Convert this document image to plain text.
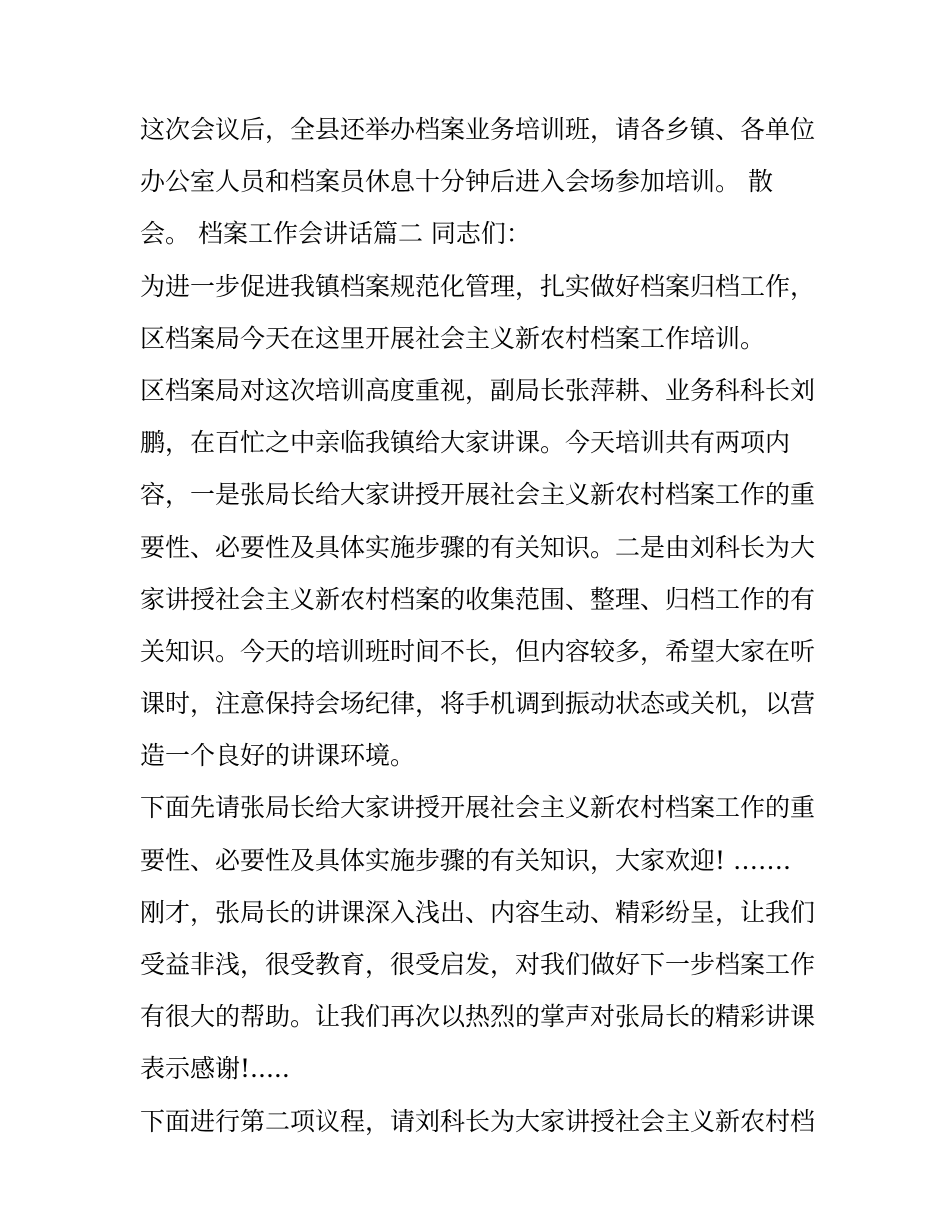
这次会议后，全县还举办档案业务培训班，请各乡镇、各单位
办公室人员和档案员休息十分钟后进入会场参加培训。 散
会。 档案工作会讲话篇二 同志们：
为进一步促进我镇档案规范化管理，扎实做好档案归档工作，
区档案局今天在这里开展社会主义新农村档案工作培训。
区档案局对这次培训高度重视，副局长张萍耕、业务科科长刘
鹏，在百忙之中亲临我镇给大家讲课。今天培训共有两项内
容，一是张局长给大家讲授开展社会主义新农村档案工作的重
要性、必要性及具体实施步骤的有关知识。二是由刘科长为大
家讲授社会主义新农村档案的收集范围、整理、归档工作的有
关知识。今天的培训班时间不长，但内容较多，希望大家在听
课时，注意保持会场纪律，将手机调到振动状态或关机，以营
造一个良好的讲课环境。
下面先请张局长给大家讲授开展社会主义新农村档案工作的重
要性、必要性及具体实施步骤的有关知识，大家欢迎! …….
刚才，张局长的讲课深入浅出、内容生动、精彩纷呈，让我们
受益非浅，很受教育，很受启发，对我们做好下一步档案工作
有很大的帮助。让我们再次以热烈的掌声对张局长的精彩讲课
表示感谢!.....
下面进行第二项议程，请刘科长为大家讲授社会主义新农村档
